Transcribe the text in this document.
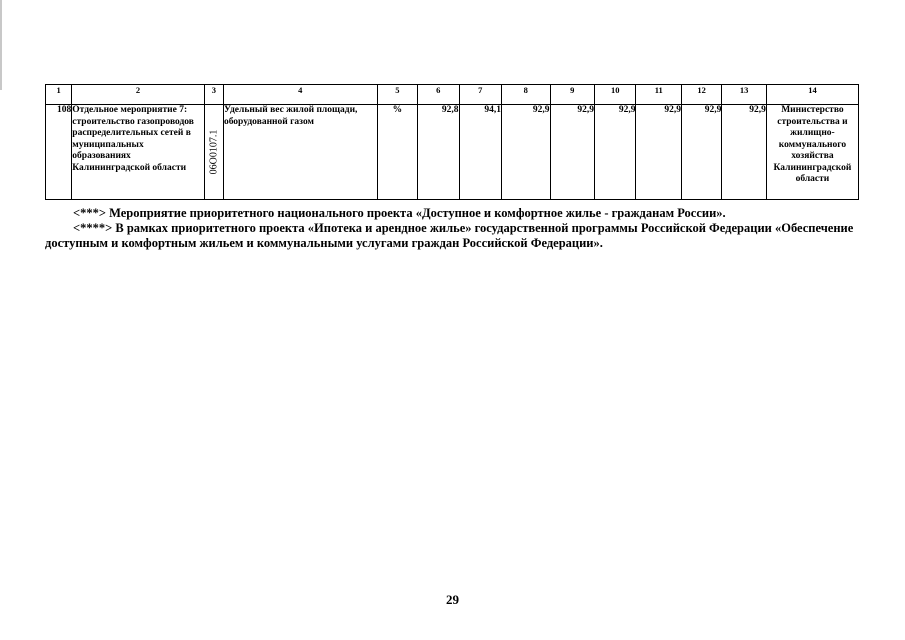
1	2	3	4	5	6	7	8	9	10	11	12	13	14
108	Отдельное мероприятие 7: строительство газопроводов распределительных сетей в муниципальных образованиях Калининградской области	06О0107.1	Удельный вес жилой площади, оборудованной газом	%	92,8	94,1	92,9	92,9	92,9	92,9	92,9	92,9	Министерство строительства и жилищно-коммунального хозяйства Калининградской области

<***> Мероприятие приоритетного национального проекта «Доступное и комфортное жилье - гражданам России».

<****> В рамках приоритетного проекта «Ипотека и арендное жилье» государственной программы Российской Федерации «Обеспечение доступным и комфортным жильем и коммунальными услугами граждан Российской Федерации».

29
